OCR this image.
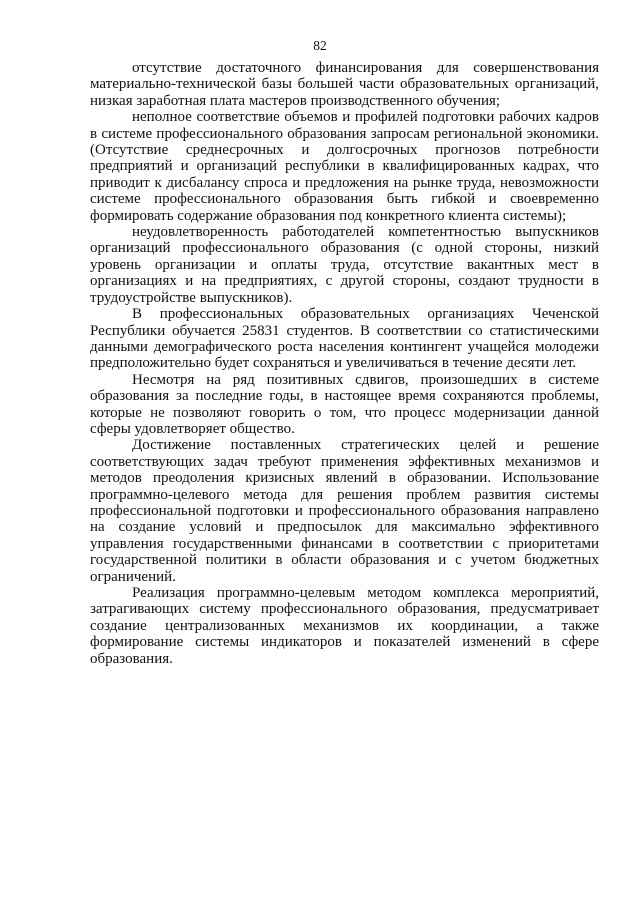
82

отсутствие достаточного финансирования для совершенствования материально-технической базы большей части образовательных организаций, низкая заработная плата мастеров производственного обучения;

неполное соответствие объемов и профилей подготовки рабочих кадров в системе профессионального образования запросам региональной экономики. (Отсутствие среднесрочных и долгосрочных прогнозов потребности предприятий и организаций республики в квалифицированных кадрах, что приводит к дисбалансу спроса и предложения на рынке труда, невозможности системе профессионального образования быть гибкой и своевременно формировать содержание образования под конкретного клиента системы);

неудовлетворенность работодателей компетентностью выпускников организаций профессионального образования (с одной стороны, низкий уровень организации и оплаты труда, отсутствие вакантных мест в организациях и на предприятиях, с другой стороны, создают трудности в трудоустройстве выпускников).

В профессиональных образовательных организациях Чеченской Республики обучается 25831 студентов. В соответствии со статистическими данными демографического роста населения контингент учащейся молодежи предположительно будет сохраняться и увеличиваться в течение десяти лет.

Несмотря на ряд позитивных сдвигов, произошедших в системе образования за последние годы, в настоящее время сохраняются проблемы, которые не позволяют говорить о том, что процесс модернизации данной сферы удовлетворяет общество.

Достижение поставленных стратегических целей и решение соответствующих задач требуют применения эффективных механизмов и методов преодоления кризисных явлений в образовании. Использование программно-целевого метода для решения проблем развития системы профессиональной подготовки и профессионального образования направлено на создание условий и предпосылок для максимально эффективного управления государственными финансами в соответствии с приоритетами государственной политики в области образования и с учетом бюджетных ограничений.

Реализация программно-целевым методом комплекса мероприятий, затрагивающих систему профессионального образования, предусматривает создание централизованных механизмов их координации, а также формирование системы индикаторов и показателей изменений в сфере образования.
